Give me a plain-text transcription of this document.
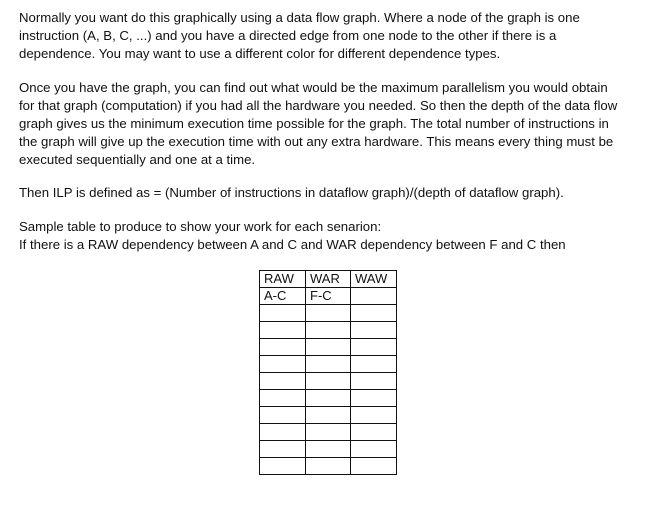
Normally you want do this graphically using a data flow graph. Where a node of the graph is one
instruction (A, B, C, ...) and you have a directed edge from one node to the other if there is a
dependence. You may want to use a different color for different dependence types.
Once you have the graph, you can find out what would be the maximum parallelism you would obtain
for that graph (computation) if you had all the hardware you needed. So then the depth of the data flow
graph gives us the minimum execution time possible for the graph. The total number of instructions in
the graph will give up the execution time with out any extra hardware. This means every thing must be
executed sequentially and one at a time.
Then ILP is defined as = (Number of instructions in dataflow graph)/(depth of dataflow graph).
Sample table to produce to show your work for each senarion:
If there is a RAW dependency between A and C and WAR dependency between F and C then
RAW	WAR	WAW
A-C	F-C	
